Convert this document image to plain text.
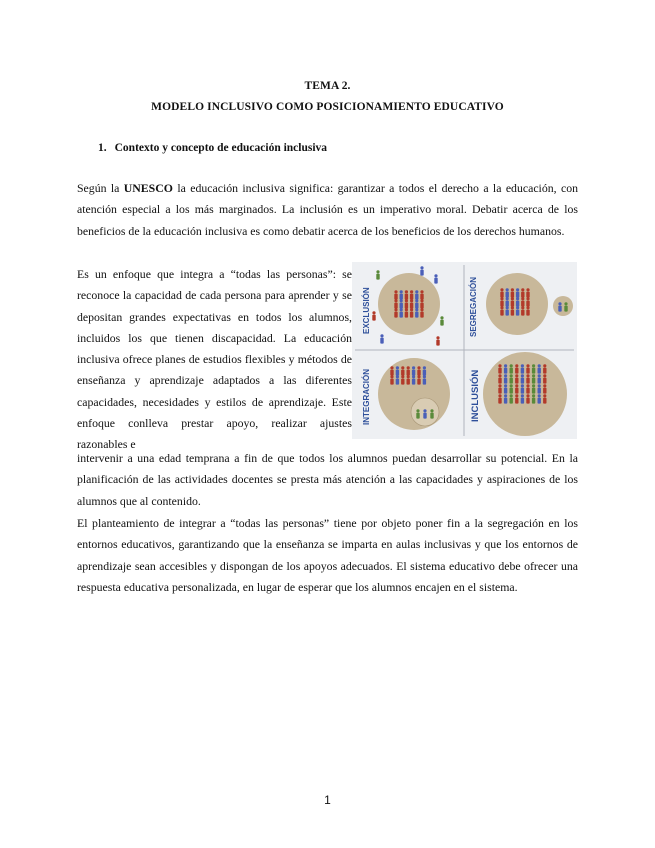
TEMA 2.
MODELO INCLUSIVO COMO POSICIONAMIENTO EDUCATIVO
1. Contexto y concepto de educación inclusiva

Según la UNESCO la educación inclusiva significa: garantizar a todos el derecho a la educación, con atención especial a los más marginados. La inclusión es un imperativo moral. Debatir acerca de los beneficios de la educación inclusiva es como debatir acerca de los beneficios de los derechos humanos.

Es un enfoque que integra a “todas las personas”: se reconoce la capacidad de cada persona para aprender y se depositan grandes expectativas en todos los alumnos, incluidos los que tienen discapacidad. La educación inclusiva ofrece planes de estudios flexibles y métodos de enseñanza y aprendizaje adaptados a las diferentes capacidades, necesidades y estilos de aprendizaje. Este enfoque conlleva prestar apoyo, realizar ajustes razonables e

EXCLUSIÓN	SEGREGACIÓN
INTEGRACIÓN	INCLUSIÓN

intervenir a una edad temprana a fin de que todos los alumnos puedan desarrollar su potencial. En la planificación de las actividades docentes se presta más atención a las capacidades y aspiraciones de los alumnos que al contenido.

El planteamiento de integrar a “todas las personas” tiene por objeto poner fin a la segregación en los entornos educativos, garantizando que la enseñanza se imparta en aulas inclusivas y que los entornos de aprendizaje sean accesibles y dispongan de los apoyos adecuados. El sistema educativo debe ofrecer una respuesta educativa personalizada, en lugar de esperar que los alumnos encajen en el sistema.

1
